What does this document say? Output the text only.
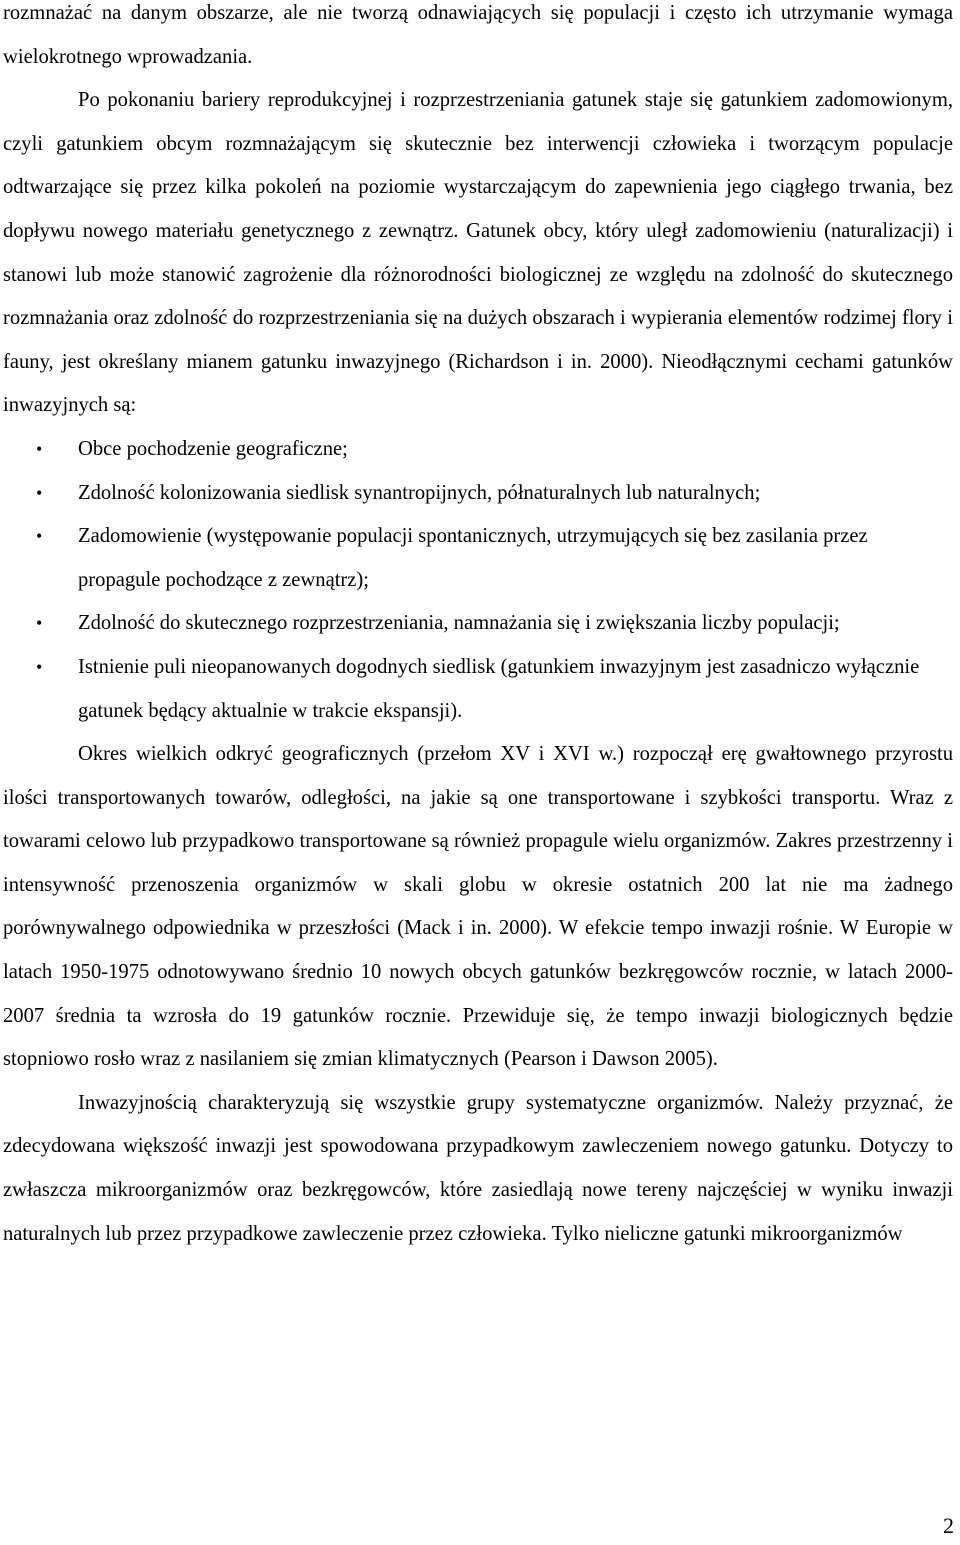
rozmnażać na danym obszarze, ale nie tworzą odnawiających się populacji i często ich utrzymanie wymaga wielokrotnego wprowadzania.

Po pokonaniu bariery reprodukcyjnej i rozprzestrzeniania gatunek staje się gatunkiem zadomowionym, czyli gatunkiem obcym rozmnażającym się skutecznie bez interwencji człowieka i tworzącym populacje odtwarzające się przez kilka pokoleń na poziomie wystarczającym do zapewnienia jego ciągłego trwania, bez dopływu nowego materiału genetycznego z zewnątrz. Gatunek obcy, który uległ zadomowieniu (naturalizacji) i stanowi lub może stanowić zagrożenie dla różnorodności biologicznej ze względu na zdolność do skutecznego rozmnażania oraz zdolność do rozprzestrzeniania się na dużych obszarach i wypierania elementów rodzimej flory i fauny, jest określany mianem gatunku inwazyjnego (Richardson i in. 2000). Nieodłącznymi cechami gatunków inwazyjnych są:

• Obce pochodzenie geograficzne;
• Zdolność kolonizowania siedlisk synantropijnych, półnaturalnych lub naturalnych;
• Zadomowienie (występowanie populacji spontanicznych, utrzymujących się bez zasilania przez propagule pochodzące z zewnątrz);
• Zdolność do skutecznego rozprzestrzeniania, namnażania się i zwiększania liczby populacji;
• Istnienie puli nieopanowanych dogodnych siedlisk (gatunkiem inwazyjnym jest zasadniczo wyłącznie gatunek będący aktualnie w trakcie ekspansji).

Okres wielkich odkryć geograficznych (przełom XV i XVI w.) rozpoczął erę gwałtownego przyrostu ilości transportowanych towarów, odległości, na jakie są one transportowane i szybkości transportu. Wraz z towarami celowo lub przypadkowo transportowane są również propagule wielu organizmów. Zakres przestrzenny i intensywność przenoszenia organizmów w skali globu w okresie ostatnich 200 lat nie ma żadnego porównywalnego odpowiednika w przeszłości (Mack i in. 2000). W efekcie tempo inwazji rośnie. W Europie w latach 1950-1975 odnotowywano średnio 10 nowych obcych gatunków bezkręgowców rocznie, w latach 2000-2007 średnia ta wzrosła do 19 gatunków rocznie. Przewiduje się, że tempo inwazji biologicznych będzie stopniowo rosło wraz z nasilaniem się zmian klimatycznych (Pearson i Dawson 2005).

Inwazyjnością charakteryzują się wszystkie grupy systematyczne organizmów. Należy przyznać, że zdecydowana większość inwazji jest spowodowana przypadkowym zawleczeniem nowego gatunku. Dotyczy to zwłaszcza mikroorganizmów oraz bezkręgowców, które zasiedlają nowe tereny najczęściej w wyniku inwazji naturalnych lub przez przypadkowe zawleczenie przez człowieka. Tylko nieliczne gatunki mikroorganizmów

2
